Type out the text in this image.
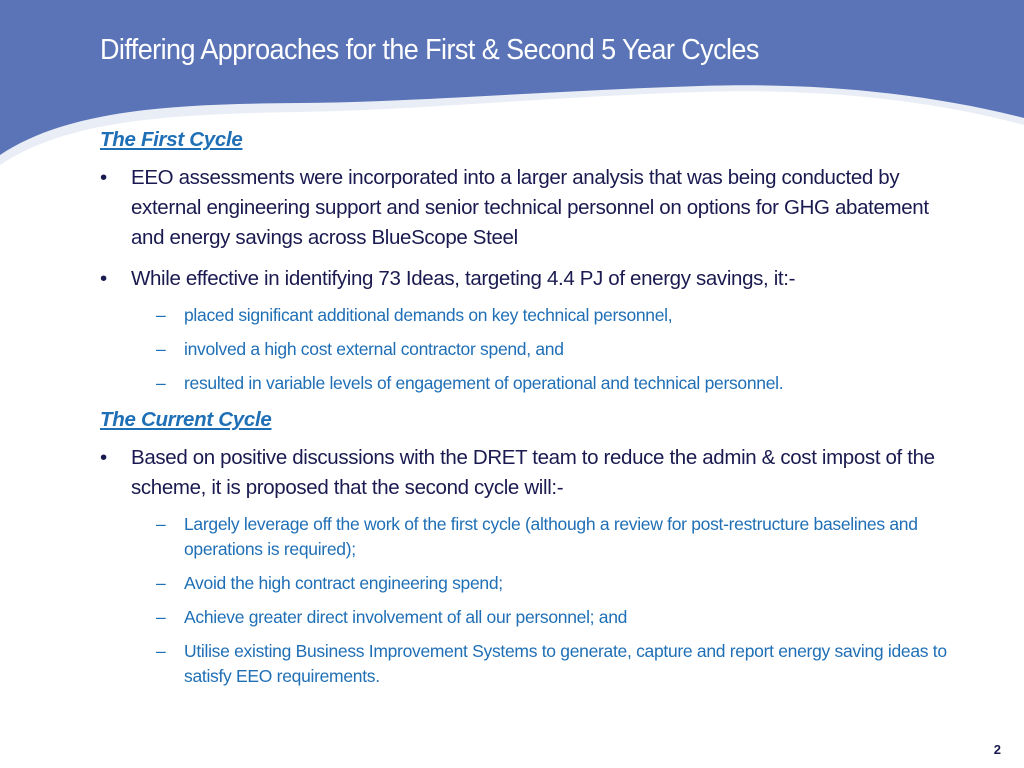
Differing Approaches for the First & Second 5 Year Cycles

The First Cycle

• EEO assessments were incorporated into a larger analysis that was being conducted by external engineering support and senior technical personnel on options for GHG abatement and energy savings across BlueScope Steel
• While effective in identifying 73 Ideas, targeting 4.4 PJ of energy savings, it:-
– placed significant additional demands on key technical personnel,
– involved a high cost external contractor spend, and
– resulted in variable levels of engagement of operational and technical personnel.

The Current Cycle

• Based on positive discussions with the DRET team to reduce the admin & cost impost of the scheme, it is proposed that the second cycle will:-
– Largely leverage off the work of the first cycle (although a review for post-restructure baselines and operations is required);
– Avoid the high contract engineering spend;
– Achieve greater direct involvement of all our personnel; and
– Utilise existing Business Improvement Systems to generate, capture and report energy saving ideas to satisfy EEO requirements.
2
